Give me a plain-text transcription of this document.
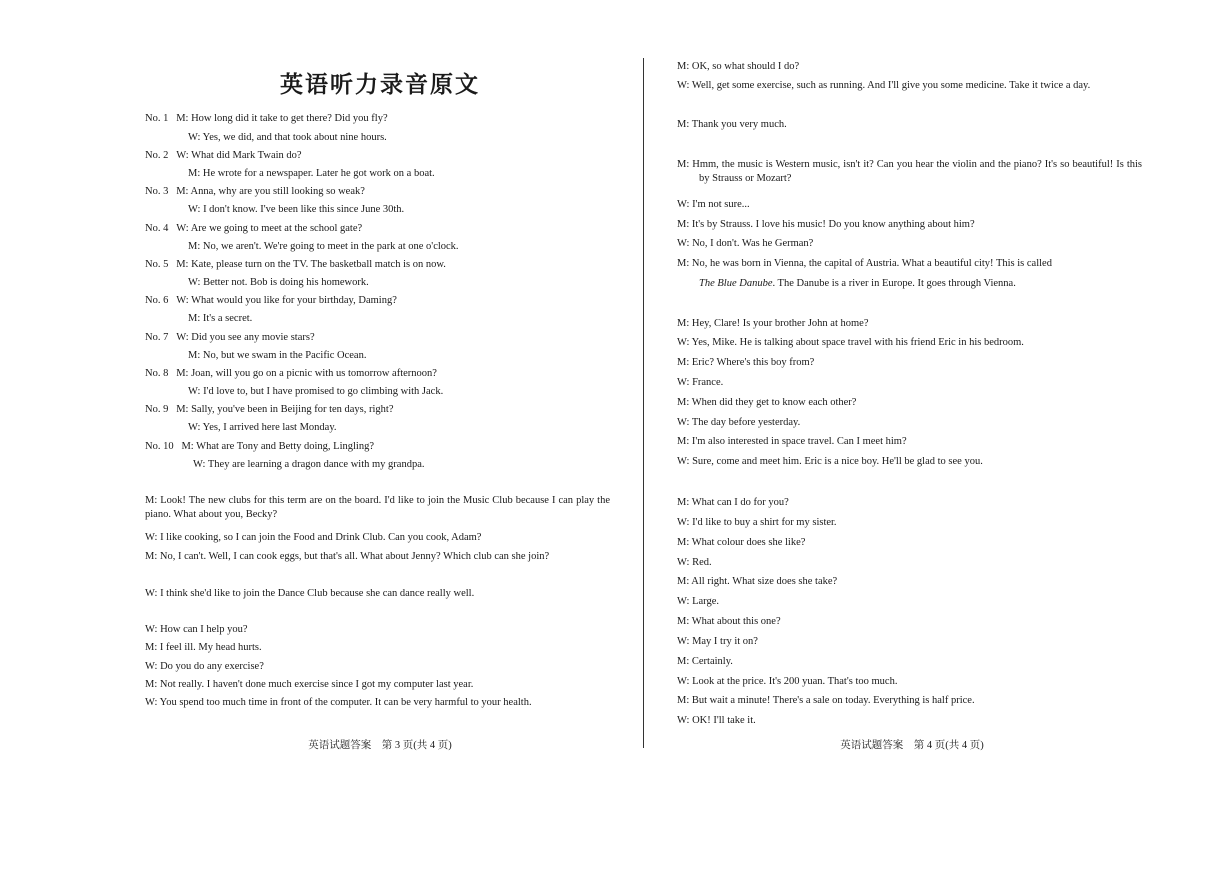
英语听力录音原文
No. 1 M: How long did it take to get there? Did you fly?
W: Yes, we did, and that took about nine hours.
No. 2 W: What did Mark Twain do?
M: He wrote for a newspaper. Later he got work on a boat.
No. 3 M: Anna, why are you still looking so weak?
W: I don't know. I've been like this since June 30th.
No. 4 W: Are we going to meet at the school gate?
M: No, we aren't. We're going to meet in the park at one o'clock.
No. 5 M: Kate, please turn on the TV. The basketball match is on now.
W: Better not. Bob is doing his homework.
No. 6 W: What would you like for your birthday, Daming?
M: It's a secret.
No. 7 W: Did you see any movie stars?
M: No, but we swam in the Pacific Ocean.
No. 8 M: Joan, will you go on a picnic with us tomorrow afternoon?
W: I'd love to, but I have promised to go climbing with Jack.
No. 9 M: Sally, you've been in Beijing for ten days, right?
W: Yes, I arrived here last Monday.
No. 10 M: What are Tony and Betty doing, Lingling?
W: They are learning a dragon dance with my grandpa.
M: Look! The new clubs for this term are on the board. I'd like to join the Music Club because I can play the piano. What about you, Becky?
W: I like cooking, so I can join the Food and Drink Club. Can you cook, Adam?
M: No, I can't. Well, I can cook eggs, but that's all. What about Jenny? Which club can she join?
W: I think she'd like to join the Dance Club because she can dance really well.
W: How can I help you?
M: I feel ill. My head hurts.
W: Do you do any exercise?
M: Not really. I haven't done much exercise since I got my computer last year.
W: You spend too much time in front of the computer. It can be very harmful to your health.
英语试题答案　第 3 页(共 4 页)
M: OK, so what should I do?
W: Well, get some exercise, such as running. And I'll give you some medicine. Take it twice a day.
M: Thank you very much.
M: Hmm, the music is Western music, isn't it? Can you hear the violin and the piano? It's so beautiful! Is this by Strauss or Mozart?
W: I'm not sure...
M: It's by Strauss. I love his music! Do you know anything about him?
W: No, I don't. Was he German?
M: No, he was born in Vienna, the capital of Austria. What a beautiful city! This is called
The Blue Danube. The Danube is a river in Europe. It goes through Vienna.
M: Hey, Clare! Is your brother John at home?
W: Yes, Mike. He is talking about space travel with his friend Eric in his bedroom.
M: Eric? Where's this boy from?
W: France.
M: When did they get to know each other?
W: The day before yesterday.
M: I'm also interested in space travel. Can I meet him?
W: Sure, come and meet him. Eric is a nice boy. He'll be glad to see you.
M: What can I do for you?
W: I'd like to buy a shirt for my sister.
M: What colour does she like?
W: Red.
M: All right. What size does she take?
W: Large.
M: What about this one?
W: May I try it on?
M: Certainly.
W: Look at the price. It's 200 yuan. That's too much.
M: But wait a minute! There's a sale on today. Everything is half price.
W: OK! I'll take it.
英语试题答案　第 4 页(共 4 页)
